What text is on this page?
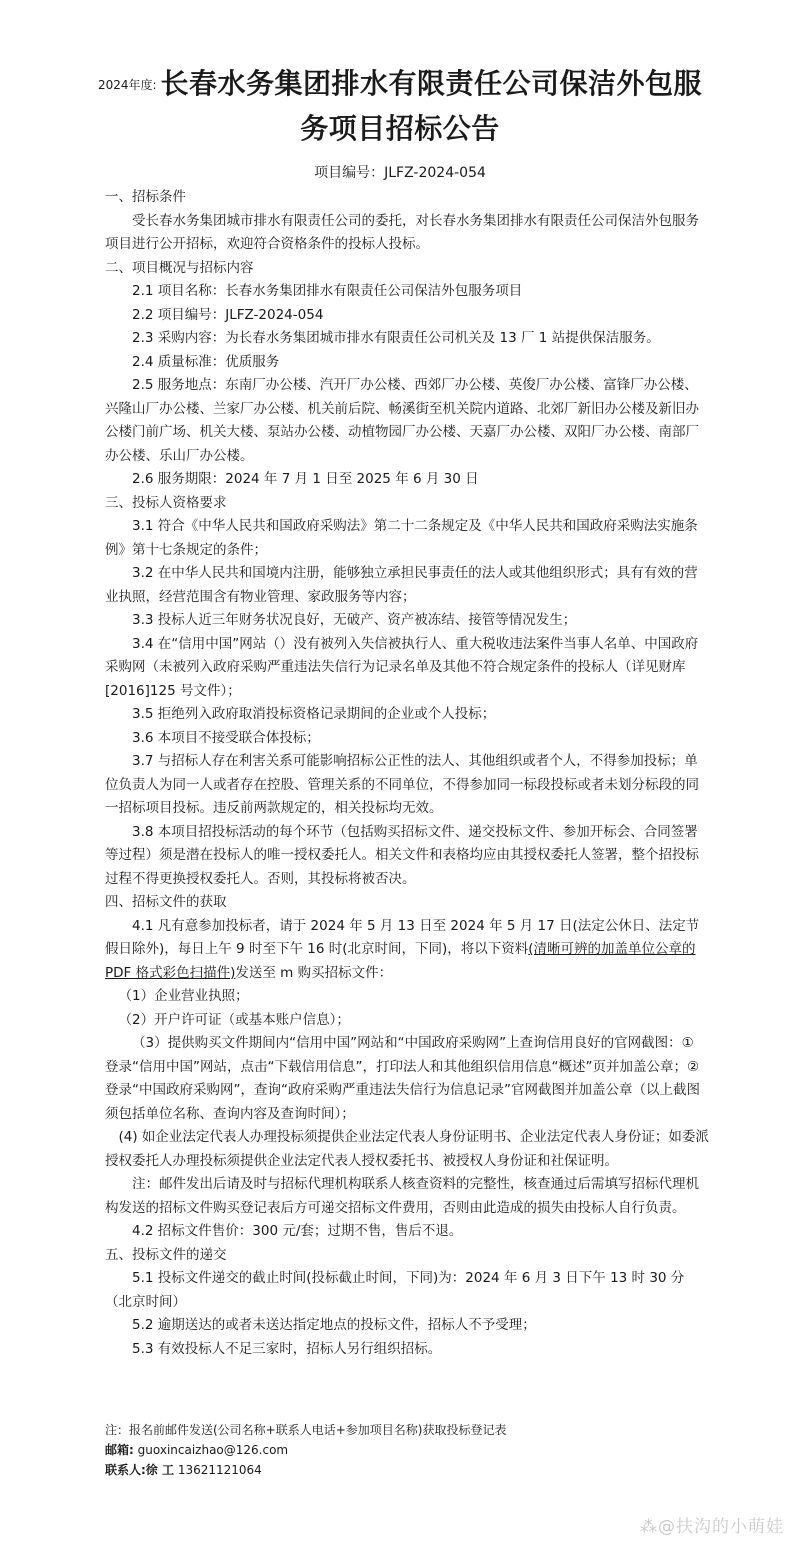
2024年度: 长春水务集团排水有限责任公司保洁外包服
务项目招标公告
项目编号：JLFZ-2024-054

一、招标条件

受长春水务集团城市排水有限责任公司的委托，对长春水务集团排水有限责任公司保洁外包服务项目进行公开招标，欢迎符合资格条件的投标人投标。

二、项目概况与招标内容

2.1 项目名称：长春水务集团排水有限责任公司保洁外包服务项目

2.2 项目编号：JLFZ-2024-054

2.3 采购内容：为长春水务集团城市排水有限责任公司机关及 13 厂 1 站提供保洁服务。

2.4 质量标准：优质服务

2.5 服务地点：东南厂办公楼、汽开厂办公楼、西郊厂办公楼、英俊厂办公楼、富锋厂办公楼、兴隆山厂办公楼、兰家厂办公楼、机关前后院、畅溪街至机关院内道路、北郊厂新旧办公楼及新旧办公楼门前广场、机关大楼、泵站办公楼、动植物园厂办公楼、天嘉厂办公楼、双阳厂办公楼、南部厂办公楼、乐山厂办公楼。

2.6 服务期限：2024 年 7 月 1 日至 2025 年 6 月 30 日

三、投标人资格要求

3.1 符合《中华人民共和国政府采购法》第二十二条规定及《中华人民共和国政府采购法实施条例》第十七条规定的条件；

3.2 在中华人民共和国境内注册，能够独立承担民事责任的法人或其他组织形式；具有有效的营业执照，经营范围含有物业管理、家政服务等内容；

3.3 投标人近三年财务状况良好，无破产、资产被冻结、接管等情况发生；

3.4 在“信用中国”网站（）没有被列入失信被执行人、重大税收违法案件当事人名单、中国政府采购网（未被列入政府采购严重违法失信行为记录名单及其他不符合规定条件的投标人（详见财库[2016]125 号文件）；

3.5 拒绝列入政府取消投标资格记录期间的企业或个人投标；

3.6 本项目不接受联合体投标；

3.7 与招标人存在利害关系可能影响招标公正性的法人、其他组织或者个人，不得参加投标；单位负责人为同一人或者存在控股、管理关系的不同单位，不得参加同一标段投标或者未划分标段的同一招标项目投标。违反前两款规定的，相关投标均无效。

3.8 本项目招投标活动的每个环节（包括购买招标文件、递交投标文件、参加开标会、合同签署等过程）须是潜在投标人的唯一授权委托人。相关文件和表格均应由其授权委托人签署，整个招投标过程不得更换授权委托人。否则，其投标将被否决。

四、招标文件的获取

4.1 凡有意参加投标者，请于 2024 年 5 月 13 日至 2024 年 5 月 17 日(法定公休日、法定节假日除外)，每日上午 9 时至下午 16 时(北京时间，下同)，将以下资料(清晰可辨的加盖单位公章的 PDF 格式彩色扫描件)发送至 m 购买招标文件：

（1）企业营业执照；

（2）开户许可证（或基本账户信息）；

（3）提供购买文件期间内“信用中国”网站和“中国政府采购网”上查询信用良好的官网截图：① 登录“信用中国”网站，点击“下载信用信息”，打印法人和其他组织信用信息“概述”页并加盖公章；② 登录“中国政府采购网”，查询“政府采购严重违法失信行为信息记录”官网截图并加盖公章（以上截图须包括单位名称、查询内容及查询时间）；

(4) 如企业法定代表人办理投标须提供企业法定代表人身份证明书、企业法定代表人身份证；如委派授权委托人办理投标须提供企业法定代表人授权委托书、被授权人身份证和社保证明。

注：邮件发出后请及时与招标代理机构联系人核查资料的完整性，核查通过后需填写招标代理机构发送的招标文件购买登记表后方可递交招标文件费用，否则由此造成的损失由投标人自行负责。

4.2 招标文件售价：300 元/套；过期不售，售后不退。

五、投标文件的递交

5.1 投标文件递交的截止时间(投标截止时间，下同)为：2024 年 6 月 3 日下午 13 时 30 分（北京时间）

5.2 逾期送达的或者未送达指定地点的投标文件，招标人不予受理；

5.3 有效投标人不足三家时，招标人另行组织招标。

注：报名前邮件发送(公司名称+联系人电话+参加项目名称)获取投标登记表

邮箱: guoxincaizhao@126.com

联系人:徐 工 13621121064

⁂@扶沟的小萌娃
